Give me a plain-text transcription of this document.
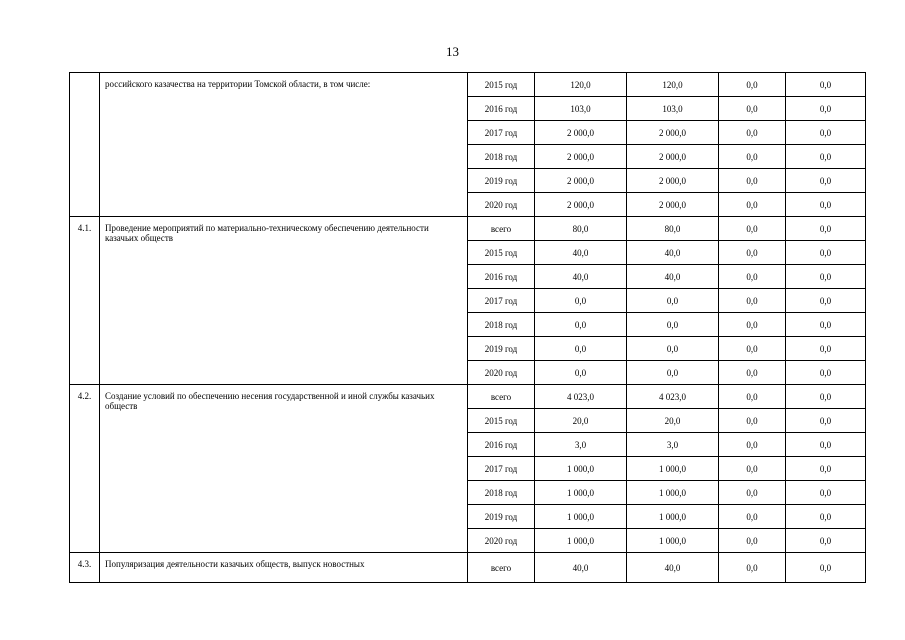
13
	российского казачества на территории Томской области, в том числе:	2015 год	120,0	120,0	0,0	0,0
		2016 год	103,0	103,0	0,0	0,0
		2017 год	2 000,0	2 000,0	0,0	0,0
		2018 год	2 000,0	2 000,0	0,0	0,0
		2019 год	2 000,0	2 000,0	0,0	0,0
		2020 год	2 000,0	2 000,0	0,0	0,0
4.1.	Проведение мероприятий по материально-техническому обеспечению деятельности казачьих обществ	всего	80,0	80,0	0,0	0,0
		2015 год	40,0	40,0	0,0	0,0
		2016 год	40,0	40,0	0,0	0,0
		2017 год	0,0	0,0	0,0	0,0
		2018 год	0,0	0,0	0,0	0,0
		2019 год	0,0	0,0	0,0	0,0
		2020 год	0,0	0,0	0,0	0,0
4.2.	Создание условий по обеспечению несения государственной и иной службы казачьих обществ	всего	4 023,0	4 023,0	0,0	0,0
		2015 год	20,0	20,0	0,0	0,0
		2016 год	3,0	3,0	0,0	0,0
		2017 год	1 000,0	1 000,0	0,0	0,0
		2018 год	1 000,0	1 000,0	0,0	0,0
		2019 год	1 000,0	1 000,0	0,0	0,0
		2020 год	1 000,0	1 000,0	0,0	0,0
4.3.	Популяризация деятельности казачьих обществ, выпуск новостных	всего	40,0	40,0	0,0	0,0
